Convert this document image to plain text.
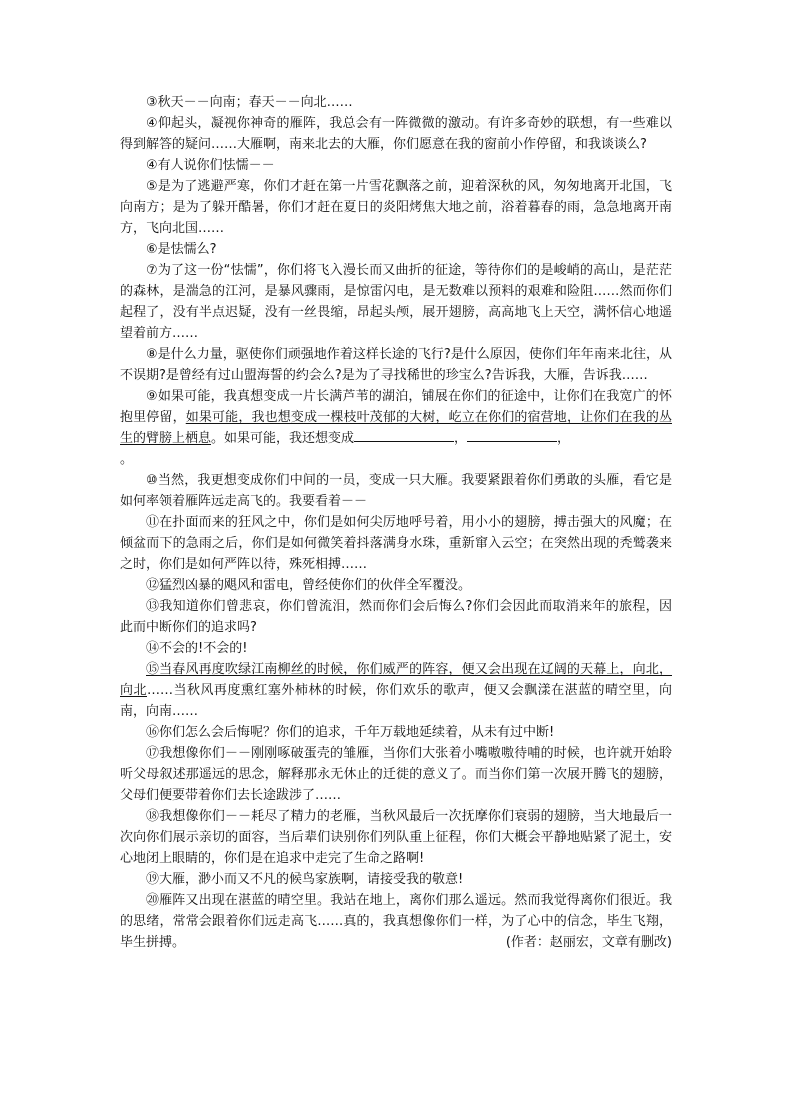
③秋天－－向南；春天－－向北……

④仰起头，凝视你神奇的雁阵，我总会有一阵微微的激动。有许多奇妙的联想，有一些难以得到解答的疑问……大雁啊，南来北去的大雁，你们愿意在我的窗前小作停留，和我谈谈么?

④有人说你们怯懦－－

⑤是为了逃避严寒，你们才赶在第一片雪花飘落之前，迎着深秋的风，匆匆地离开北国，飞向南方；是为了躲开酷暑，你们才赶在夏日的炎阳烤焦大地之前，浴着暮春的雨，急急地离开南方，飞向北国……

⑥是怯懦么?

⑦为了这一份“怯懦”，你们将飞入漫长而又曲折的征途，等待你们的是峻峭的高山，是茫茫的森林，是湍急的江河，是暴风骤雨，是惊雷闪电，是无数难以预料的艰难和险阻……然而你们起程了，没有半点迟疑，没有一丝畏缩，昂起头颅，展开翅膀，高高地飞上天空，满怀信心地遥望着前方……

⑧是什么力量，驱使你们顽强地作着这样长途的飞行?是什么原因，使你们年年南来北往，从不误期?是曾经有过山盟海誓的约会么?是为了寻找稀世的珍宝么?告诉我，大雁，告诉我……

⑨如果可能，我真想变成一片长满芦苇的湖泊，铺展在你们的征途中，让你们在我宽广的怀抱里停留，如果可能，我也想变成一棵枝叶茂郁的大树，屹立在你们的宿营地，让你们在我的丛生的臂膀上栖息。如果可能，我还想变成	，	，

。

⑩当然，我更想变成你们中间的一员，变成一只大雁。我要紧跟着你们勇敢的头雁，看它是如何率领着雁阵远走高飞的。我要看着－－

⑪在扑面而来的狂风之中，你们是如何尖厉地呼号着，用小小的翅膀，搏击强大的风魔；在倾盆而下的急雨之后，你们是如何微笑着抖落满身水珠，重新窜入云空；在突然出现的秃鹫袭来之时，你们是如何严阵以待，殊死相搏……

⑫猛烈凶暴的飓风和雷电，曾经使你们的伙伴全军覆没。

⑬我知道你们曾悲哀，你们曾流泪，然而你们会后悔么?你们会因此而取消来年的旅程，因此而中断你们的追求吗?

⑭不会的!不会的!

⑮当春风再度吹绿江南柳丝的时候，你们威严的阵容，便又会出现在辽阔的天幕上，向北，向北……当秋风再度熏红塞外柿林的时候，你们欢乐的歌声，便又会飘漾在湛蓝的晴空里，向南，向南……

⑯你们怎么会后悔呢？你们的追求，千年万载地延续着，从未有过中断!

⑰我想像你们－－刚刚啄破蛋壳的雏雁，当你们大张着小嘴嗷嗷待哺的时候，也许就开始聆听父母叙述那遥远的思念，解释那永无休止的迁徙的意义了。而当你们第一次展开腾飞的翅膀，父母们便要带着你们去长途跋涉了……

⑱我想像你们－－耗尽了精力的老雁，当秋风最后一次抚摩你们衰弱的翅膀，当大地最后一次向你们展示亲切的面容，当后辈们诀别你们列队重上征程，你们大概会平静地贴紧了泥土，安心地闭上眼睛的，你们是在追求中走完了生命之路啊!

⑲大雁，渺小而又不凡的候鸟家族啊，请接受我的敬意!

⑳雁阵又出现在湛蓝的晴空里。我站在地上，离你们那么遥远。然而我觉得离你们很近。我的思绪，常常会跟着你们远走高飞……真的，我真想像你们一样，为了心中的信念，毕生飞翔，毕生拼搏。	(作者：赵丽宏，文章有删改)
